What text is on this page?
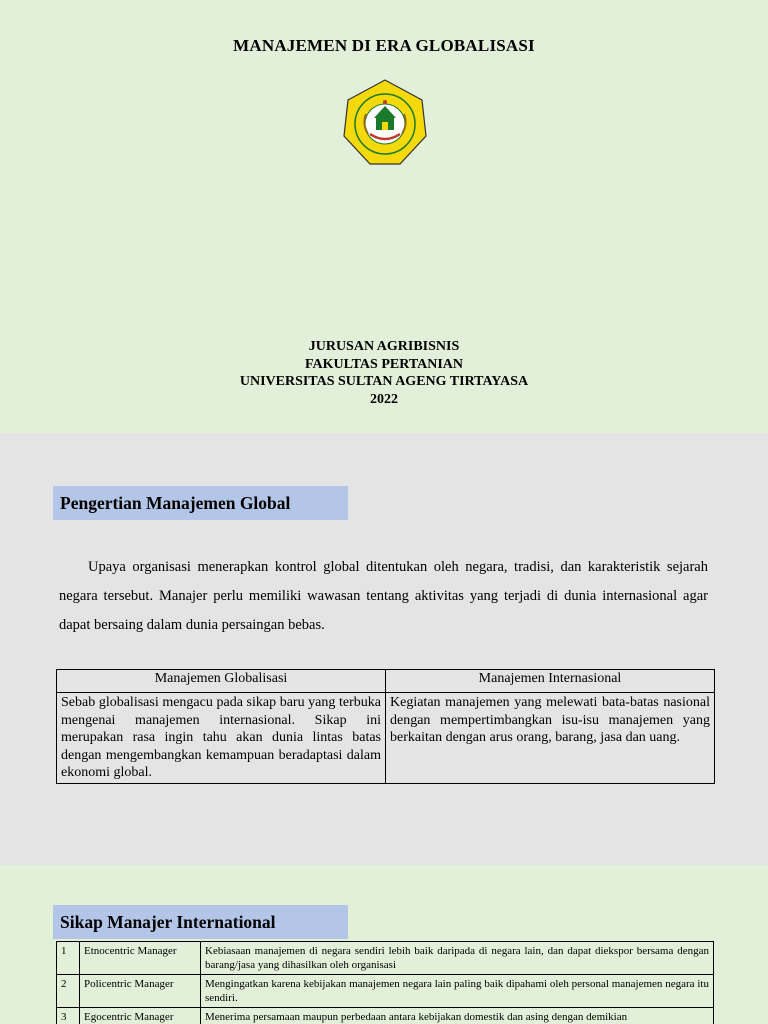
MANAJEMEN DI ERA GLOBALISASI
JURUSAN AGRIBISNIS
FAKULTAS PERTANIAN
UNIVERSITAS SULTAN AGENG TIRTAYASA
2022
Pengertian Manajemen Global
Upaya organisasi menerapkan kontrol global ditentukan oleh negara, tradisi, dan karakteristik sejarah negara tersebut. Manajer perlu memiliki wawasan tentang aktivitas yang terjadi di dunia internasional agar dapat bersaing dalam dunia persaingan bebas.
Manajemen Globalisasi	Manajemen Internasional
Sebab globalisasi mengacu pada sikap baru yang terbuka mengenai manajemen internasional. Sikap ini merupakan rasa ingin tahu akan dunia lintas batas dengan mengembangkan kemampuan beradaptasi dalam ekonomi global.	Kegiatan manajemen yang melewati bata-batas nasional dengan mempertimbangkan isu-isu manajemen yang berkaitan dengan arus orang, barang, jasa dan uang.
Sikap Manajer International
1	Etnocentric Manager	Kebiasaan manajemen di negara sendiri lebih baik daripada di negara lain, dan dapat diekspor bersama dengan barang/jasa yang dihasilkan oleh organisasi
2	Policentric Manager	Mengingatkan karena kebijakan manajemen negara lain paling baik dipahami oleh personal manajemen negara itu sendiri.
3	Egocentric Manager	Menerima persamaan maupun perbedaan antara kebijakan domestik dan asing dengan demikian
